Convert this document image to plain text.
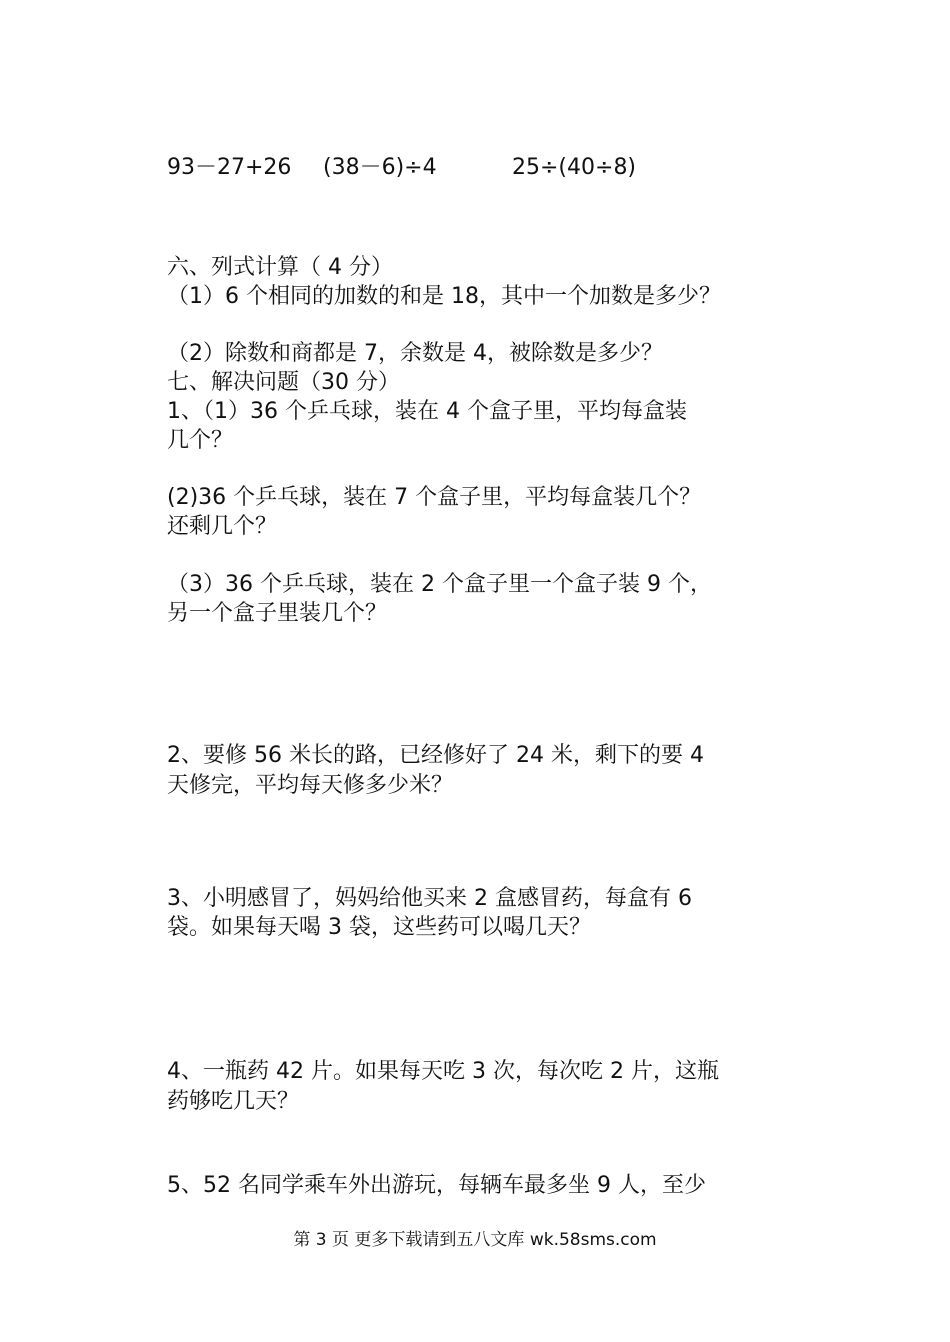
93－27+26 (38－6)÷4	25÷(40÷8)
六、列式计算（ 4 分）
（1）6 个相同的加数的和是 18，其中一个加数是多少？
（2）除数和商都是 7，余数是 4，被除数是多少？
七、解决问题（30 分）
1、（1）36 个乒乓球，装在 4 个盒子里，平均每盒装
几个？
(2)36 个乒乓球，装在 7 个盒子里，平均每盒装几个？
还剩几个？
（3）36 个乒乓球，装在 2 个盒子里一个盒子装 9 个，
另一个盒子里装几个？
2、要修 56 米长的路，已经修好了 24 米，剩下的要 4
天修完，平均每天修多少米？
3、小明感冒了，妈妈给他买来 2 盒感冒药，每盒有 6
袋。如果每天喝 3 袋，这些药可以喝几天？
4、一瓶药 42 片。如果每天吃 3 次，每次吃 2 片，这瓶
药够吃几天？
5、52 名同学乘车外出游玩，每辆车最多坐 9 人，至少
第 3 页 更多下载请到五八文库 wk.58sms.com
